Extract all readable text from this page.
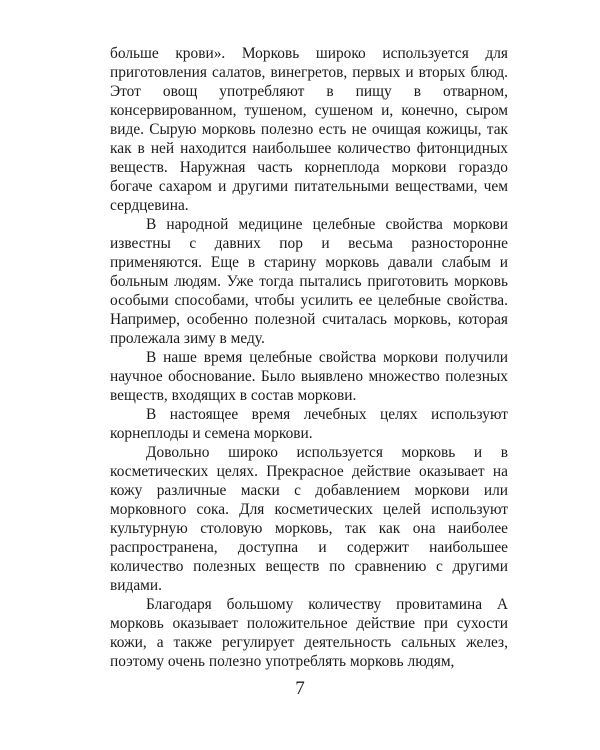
больше крови». Морковь широко используется для приготовления салатов, винегретов, первых и вторых блюд. Этот овощ употребляют в пищу в отварном, консервированном, тушеном, сушеном и, конечно, сыром виде. Сырую морковь полезно есть не очищая кожицы, так как в ней находится наибольшее количество фитонцидных веществ. Наружная часть корнеплода моркови гораздо богаче сахаром и другими питательными веществами, чем сердцевина.

В народной медицине целебные свойства моркови известны с давних пор и весьма разносторонне применяются. Еще в старину морковь давали слабым и больным людям. Уже тогда пытались приготовить морковь особыми способами, чтобы усилить ее целебные свойства. Например, особенно полезной считалась морковь, которая пролежала зиму в меду.

В наше время целебные свойства моркови получили научное обоснование. Было выявлено множество полезных веществ, входящих в состав моркови.

В настоящее время лечебных целях используют корнеплоды и семена моркови.

Довольно широко используется морковь и в косметических целях. Прекрасное действие оказывает на кожу различные маски с добавлением моркови или морковного сока. Для косметических целей используют культурную столовую морковь, так как она наиболее распространена, доступна и содержит наибольшее количество полезных веществ по сравнению с другими видами.

Благодаря большому количеству провитамина А морковь оказывает положительное действие при сухости кожи, а также регулирует деятельность сальных желез, поэтому очень полезно употреблять морковь людям,

7
